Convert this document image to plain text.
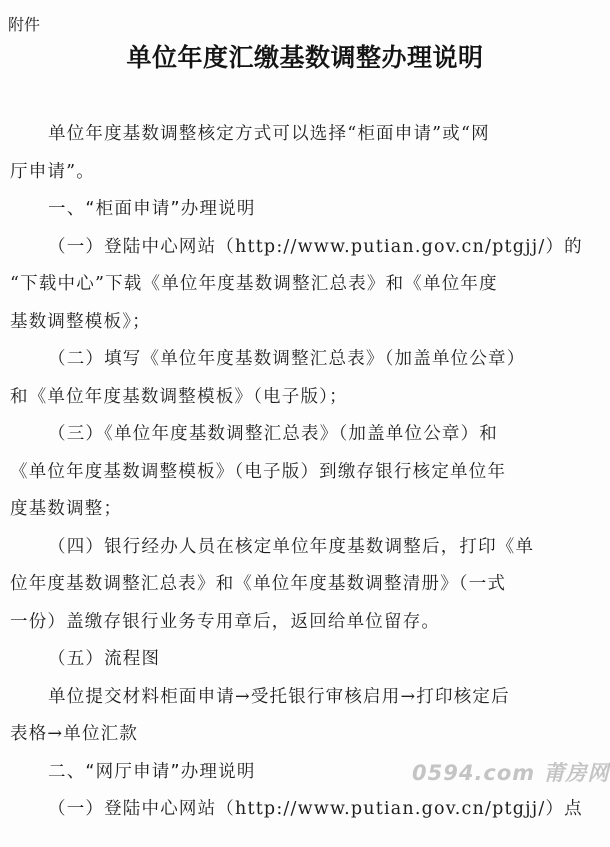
附件
单位年度汇缴基数调整办理说明
单位年度基数调整核定方式可以选择“柜面申请”或“网
厅申请”。
一、“柜面申请”办理说明
（一）登陆中心网站（http://www.putian.gov.cn/ptgjj/）的
“下载中心”下载《单位年度基数调整汇总表》和《单位年度
基数调整模板》；
（二）填写《单位年度基数调整汇总表》（加盖单位公章）
和《单位年度基数调整模板》（电子版）；
（三）《单位年度基数调整汇总表》（加盖单位公章）和
《单位年度基数调整模板》（电子版）到缴存银行核定单位年
度基数调整；
（四）银行经办人员在核定单位年度基数调整后，打印《单
位年度基数调整汇总表》和《单位年度基数调整清册》（一式
一份）盖缴存银行业务专用章后，返回给单位留存。
（五）流程图
单位提交材料柜面申请→受托银行审核启用→打印核定后
表格→单位汇款
二、“网厅申请”办理说明
（一）登陆中心网站（http://www.putian.gov.cn/ptgjj/）点
0594.com 莆房网
